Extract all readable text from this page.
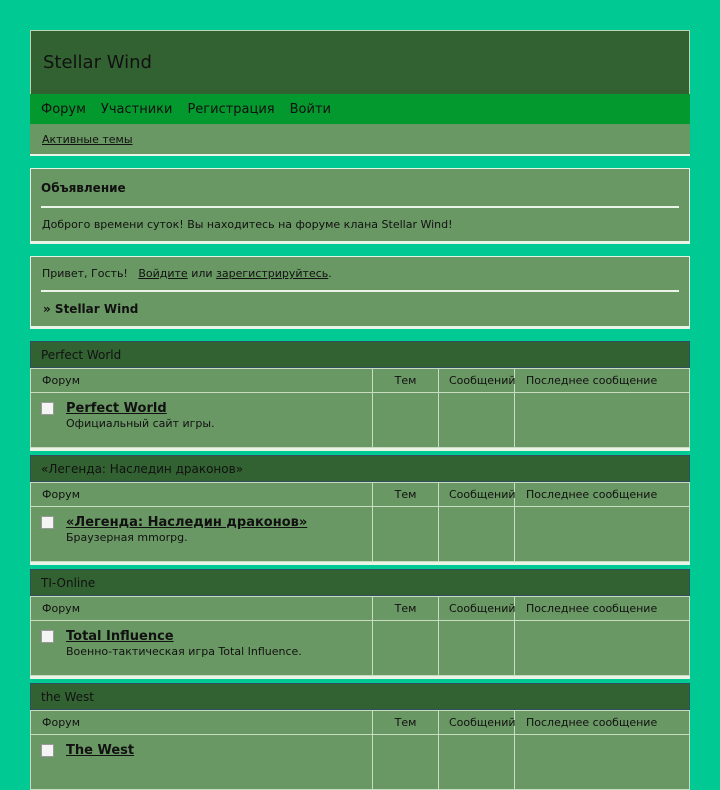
Stellar Wind
Форум Участники Регистрация Войти
Активные темы
Объявление

Доброго времени суток! Вы находитесь на форуме клана Stellar Wind!

Привет, Гость! Войдите или зарегистрируйтесь.

» Stellar Wind
Perfect World
Форум	Тем	Сообщений	Последнее сообщение

Perfect World
Официальный сайт игры.			

«Легенда: Наследин драконов»
Форум	Тем	Сообщений	Последнее сообщение

«Легенда: Наследин драконов»
Браузерная mmorpg.			

TI-Online
Форум	Тем	Сообщений	Последнее сообщение

Total Influence
Военно-тактическая игра Total Influence.			

the West
Форум	Тем	Сообщений	Последнее сообщение

The West			
